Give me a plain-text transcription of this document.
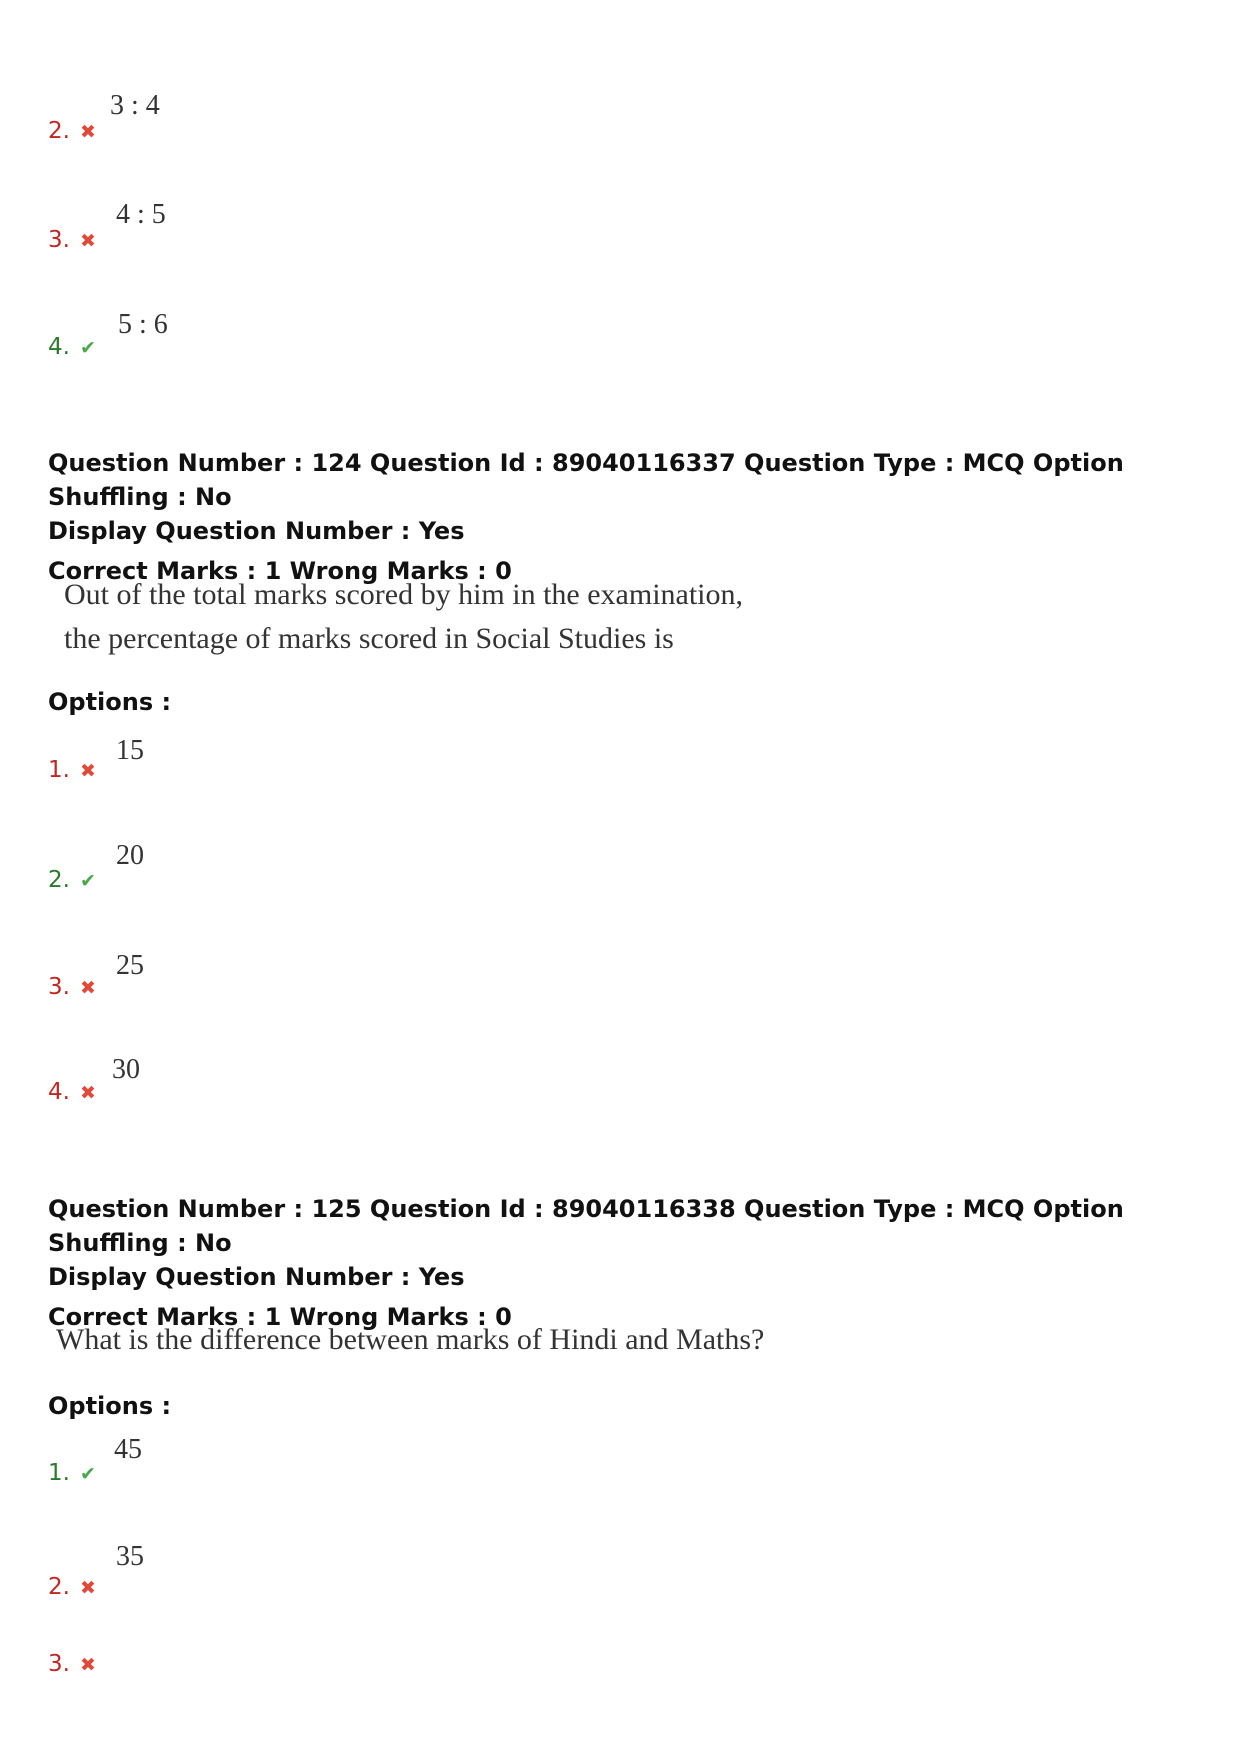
2. ✖
3 : 4
3. ✖
4 : 5
4. ✔
5 : 6
Question Number : 124 Question Id : 89040116337 Question Type : MCQ Option Shuffling : No
Display Question Number : Yes
Correct Marks : 1 Wrong Marks : 0
Out of the total marks scored by him in the examination,
the percentage of marks scored in Social Studies is
Options :
1. ✖
15
2. ✔
20
3. ✖
25
4. ✖
30
Question Number : 125 Question Id : 89040116338 Question Type : MCQ Option Shuffling : No
Display Question Number : Yes
Correct Marks : 1 Wrong Marks : 0
What is the difference between marks of Hindi and Maths?
Options :
1. ✔
45
2. ✖
35
3. ✖
